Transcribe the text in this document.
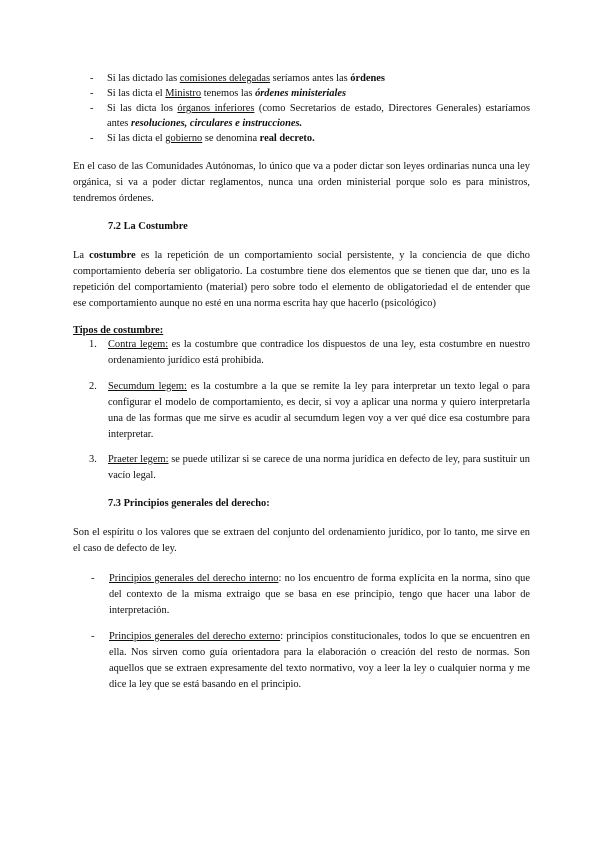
-	Si las dictado las comisiones delegadas seríamos antes las órdenes
-	Si las dicta el Ministro tenemos las órdenes ministeriales
-	Si las dicta los órganos inferiores (como Secretarios de estado, Directores Generales) estaríamos antes resoluciones, circulares e instrucciones.
-	Si las dicta el gobierno se denomina real decreto.

En el caso de las Comunidades Autónomas, lo único que va a poder dictar son leyes ordinarias nunca una ley orgánica, si va a poder dictar reglamentos, nunca una orden ministerial porque solo es para ministros, tendremos órdenes.

7.2 La Costumbre

La costumbre es la repetición de un comportamiento social persistente, y la conciencia de que dicho comportamiento debería ser obligatorio. La costumbre tiene dos elementos que se tienen que dar, uno es la repetición del comportamiento (material) pero sobre todo el elemento de obligatoriedad el de entender que ese comportamiento aunque no esté en una norma escrita hay que hacerlo (psicológico)

Tipos de costumbre:
1.	Contra legem: es la costumbre que contradice los dispuestos de una ley, esta costumbre en nuestro ordenamiento jurídico está prohibida.
2.	Secumdum legem: es la costumbre a la que se remite la ley para interpretar un texto legal o para configurar el modelo de comportamiento, es decir, si voy a aplicar una norma y quiero interpretarla una de las formas que me sirve es acudir al secumdum legen voy a ver qué dice esa costumbre para interpretar.
3.	Praeter legem: se puede utilizar si se carece de una norma jurídica en defecto de ley, para sustituir un vacío legal.
7.3 Principios generales del derecho:

Son el espíritu o los valores que se extraen del conjunto del ordenamiento jurídico, por lo tanto, me sirve en el caso de defecto de ley.

-	Principios generales del derecho interno: no los encuentro de forma explícita en la norma, sino que del contexto de la misma extraigo que se basa en ese principio, tengo que hacer una labor de interpretación.
-	Principios generales del derecho externo: principios constitucionales, todos lo que se encuentren en ella. Nos sirven como guía orientadora para la elaboración o creación del resto de normas. Son aquellos que se extraen expresamente del texto normativo, voy a leer la ley o cualquier norma y me dice la ley que se está basando en el principio.
